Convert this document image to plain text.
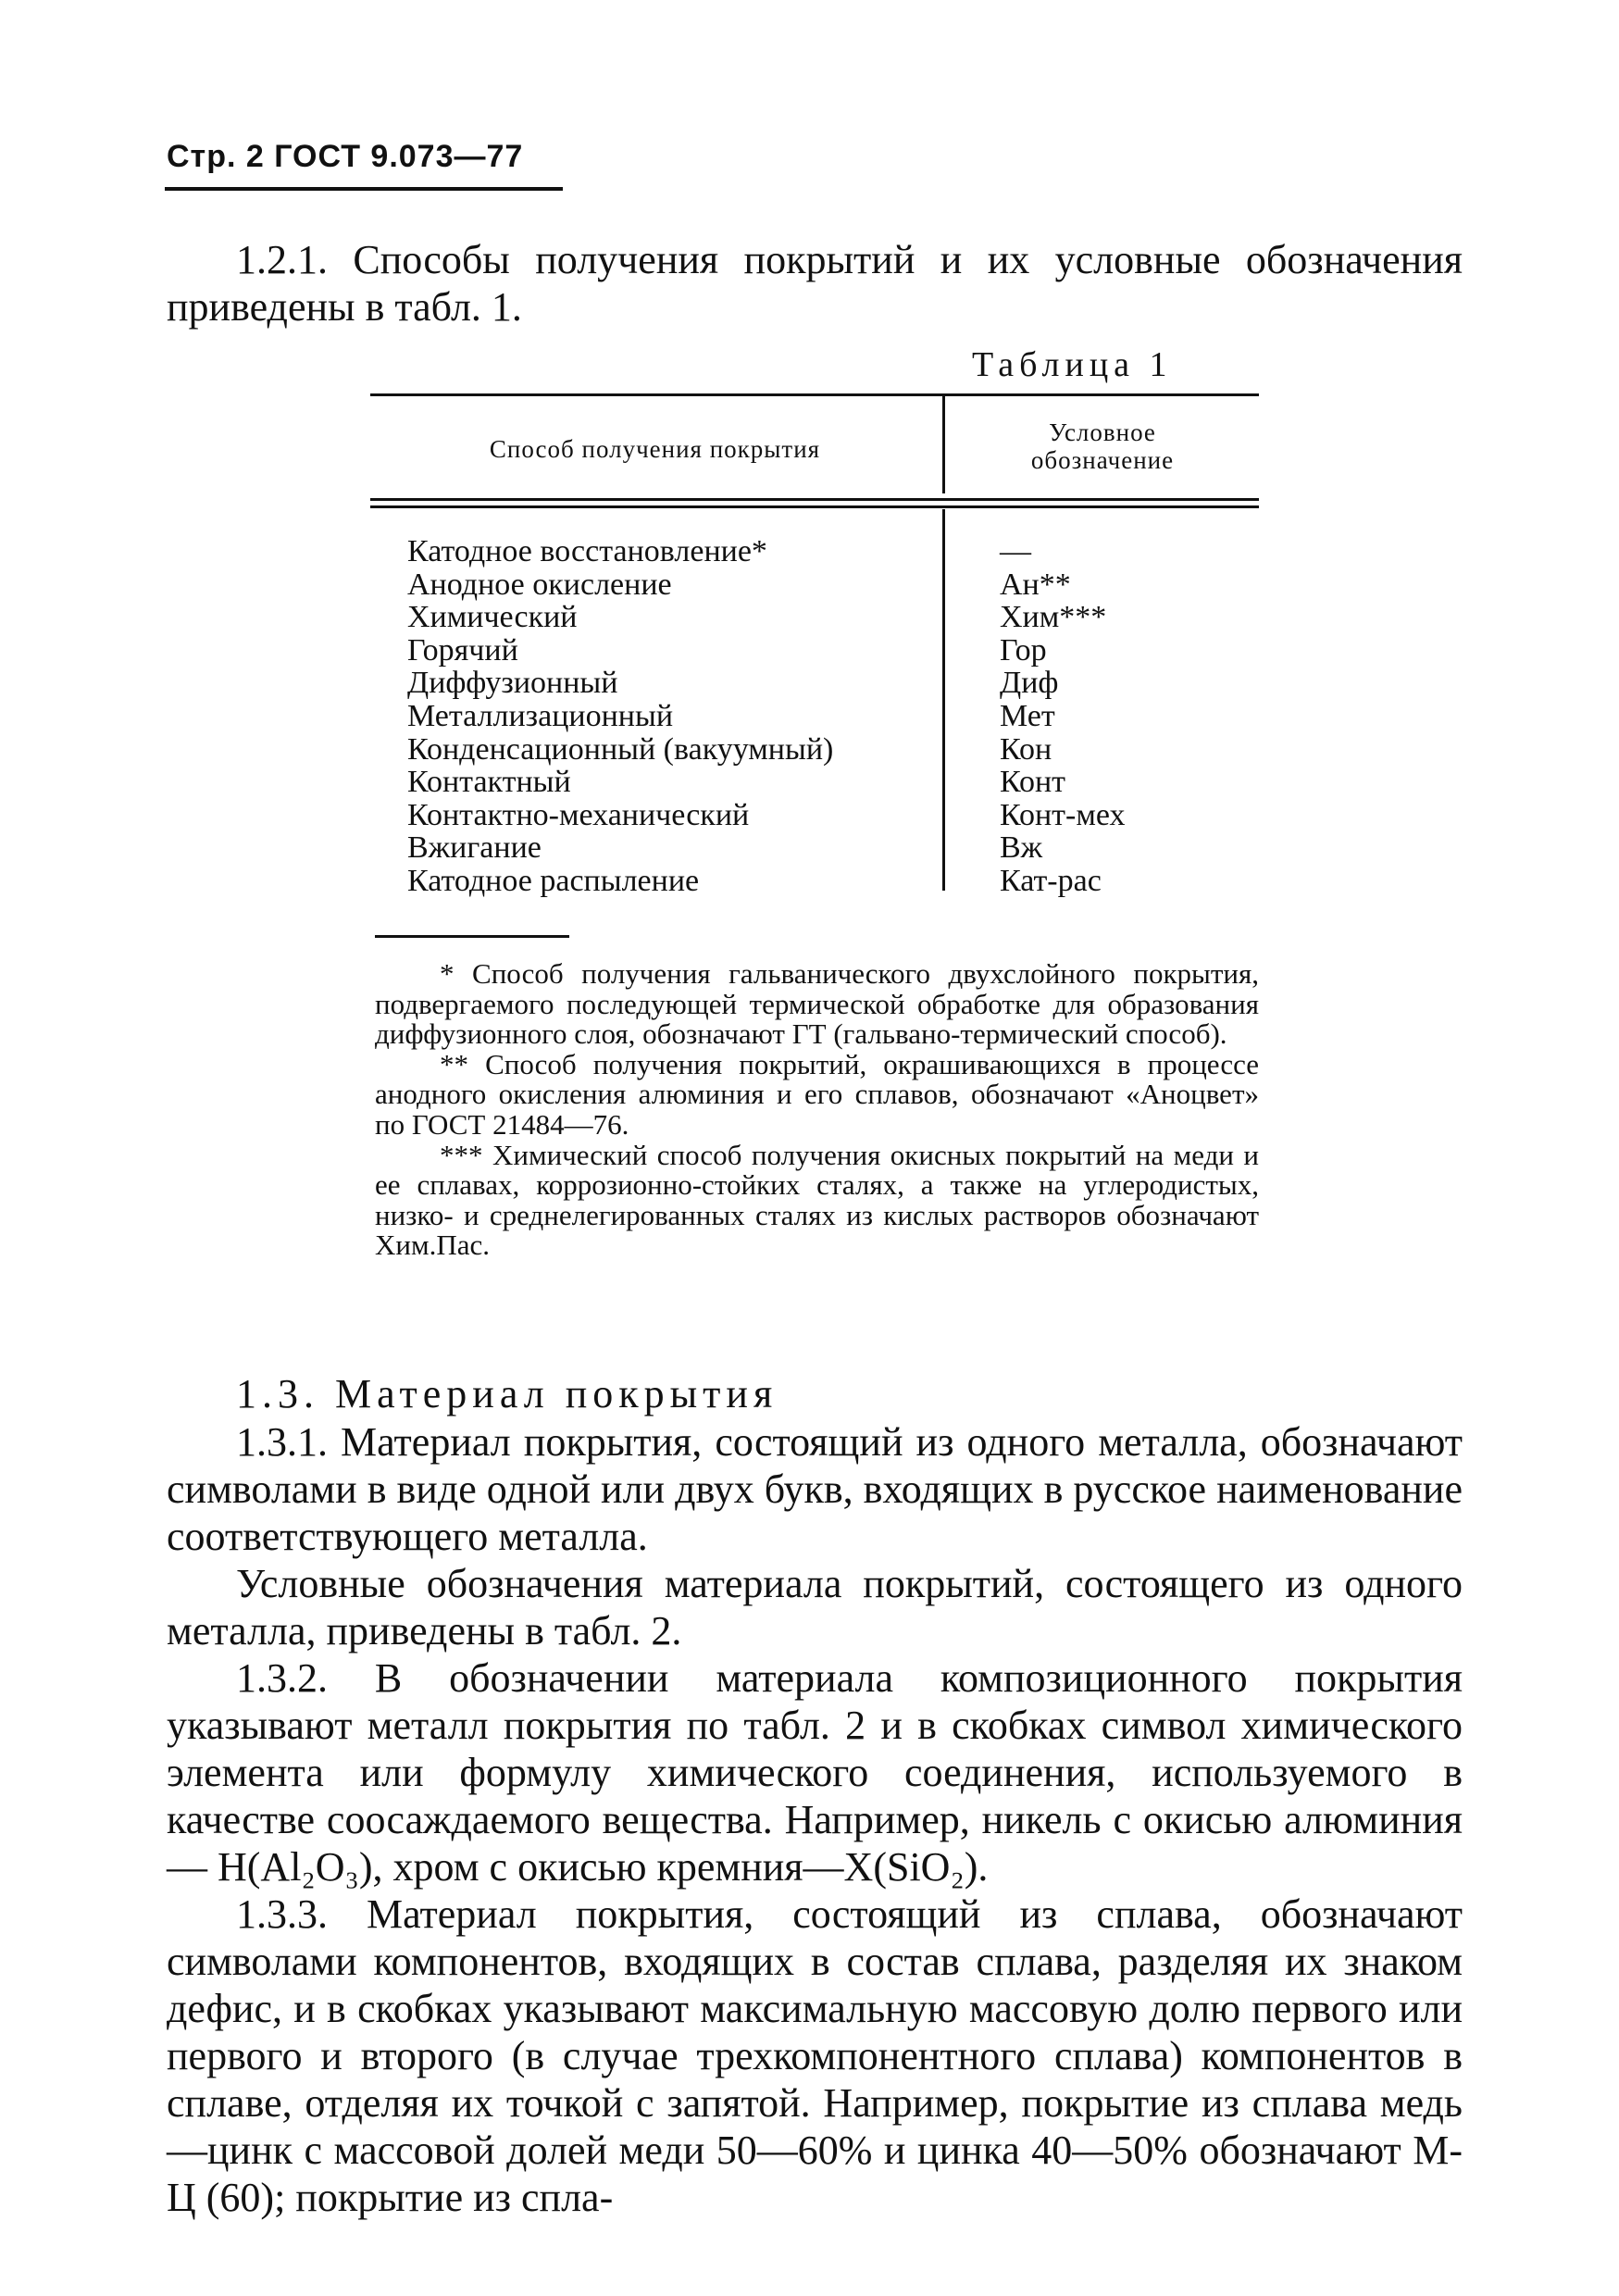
Стр. 2 ГОСТ 9.073—77
1.2.1. Способы получения покрытий и их условные обозначения приведены в табл. 1.
Таблица 1
Способ получения покрытия
Условное
обозначение
Катодное восстановление*
Анодное окисление
Химический
Горячий
Диффузионный
Металлизационный
Конденсационный (вакуумный)
Контактный
Контактно-механический
Вжигание
Катодное распыление
—
Ан**
Хим***
Гор
Диф
Мет
Кон
Конт
Конт-мех
Вж
Кат-рас

* Способ получения гальванического двухслойного покрытия, подвергаемого последующей термической обработке для образования диффузионного слоя, обозначают ГТ (гальвано-термический способ).

** Способ получения покрытий, окрашивающихся в процессе анодного окисления алюминия и его сплавов, обозначают «Аноцвет» по ГОСТ 21484—76.

*** Химический способ получения окисных покрытий на меди и ее сплавах, коррозионно-стойких сталях, а также на углеродистых, низко- и среднелегированных сталях из кислых растворов обозначают Хим.Пас.

1.3. Материал покрытия
1.3.1. Материал покрытия, состоящий из одного металла, обозначают символами в виде одной или двух букв, входящих в русское наименование соответствующего металла.
Условные обозначения материала покрытий, состоящего из одного металла, приведены в табл. 2.
1.3.2. В обозначении материала композиционного покрытия указывают металл покрытия по табл. 2 и в скобках символ химического элемента или формулу химического соединения, используемого в качестве соосаждаемого вещества. Например, никель с окисью алюминия — Н(Al₂O₃), хром с окисью кремния—Х(SiO₂).
1.3.3. Материал покрытия, состоящий из сплава, обозначают символами компонентов, входящих в состав сплава, разделяя их знаком дефис, и в скобках указывают максимальную массовую долю первого или первого и второго (в случае трехкомпонентного сплава) компонентов в сплаве, отделяя их точкой с запятой. Например, покрытие из сплава медь—цинк с массовой долей меди 50—60% и цинка 40—50% обозначают М-Ц (60); покрытие из спла-
